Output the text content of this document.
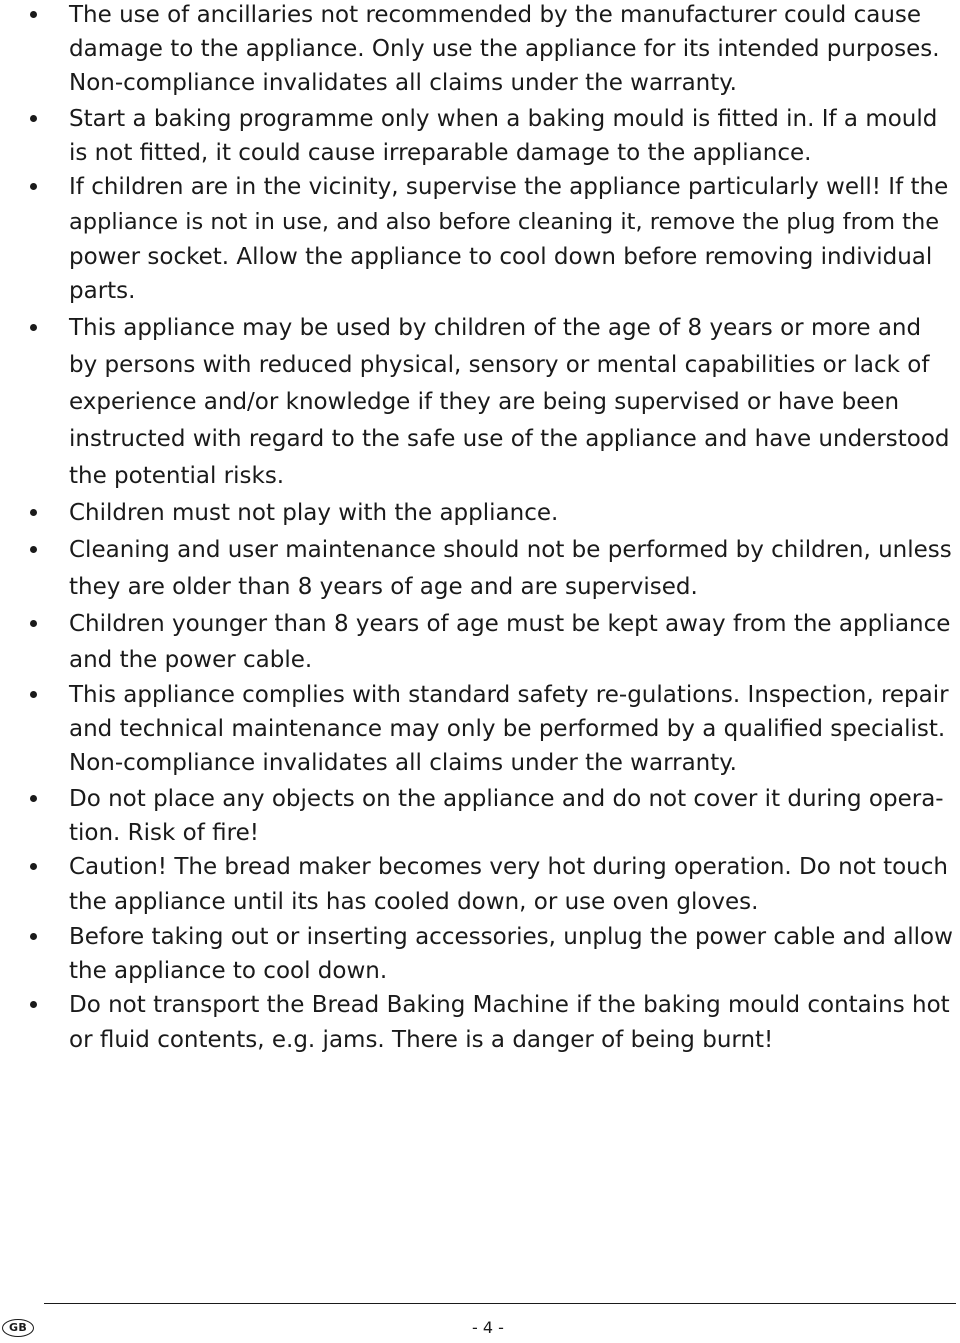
The use of ancillaries not recommended by the manufacturer could cause
damage to the appliance. Only use the appliance for its intended purposes.
Non-compliance invalidates all claims under the warranty.
Start a baking programme only when a baking mould is fitted in. If a mould
is not fitted, it could cause irreparable damage to the appliance.
If children are in the vicinity, supervise the appliance particularly well! If the
appliance is not in use, and also before cleaning it, remove the plug from the
power socket. Allow the appliance to cool down before removing individual
parts.
This appliance may be used by children of the age of 8 years or more and
by persons with reduced physical, sensory or mental capabilities or lack of
experience and/or knowledge if they are being supervised or have been
instructed with regard to the safe use of the appliance and have understood
the potential risks.
Children must not play with the appliance.
Cleaning and user maintenance should not be performed by children, unless
they are older than 8 years of age and are supervised.
Children younger than 8 years of age must be kept away from the appliance
and the power cable.
This appliance complies with standard safety re-gulations. Inspection, repair
and technical maintenance may only be performed by a qualified specialist.
Non-compliance invalidates all claims under the warranty.
Do not place any objects on the appliance and do not cover it during opera-
tion. Risk of fire!
Caution! The bread maker becomes very hot during operation. Do not touch
the appliance until its has cooled down, or use oven gloves.
Before taking out or inserting accessories, unplug the power cable and allow
the appliance to cool down.
Do not transport the Bread Baking Machine if the baking mould contains hot
or fluid contents, e.g. jams. There is a danger of being burnt!
GB	- 4 -
